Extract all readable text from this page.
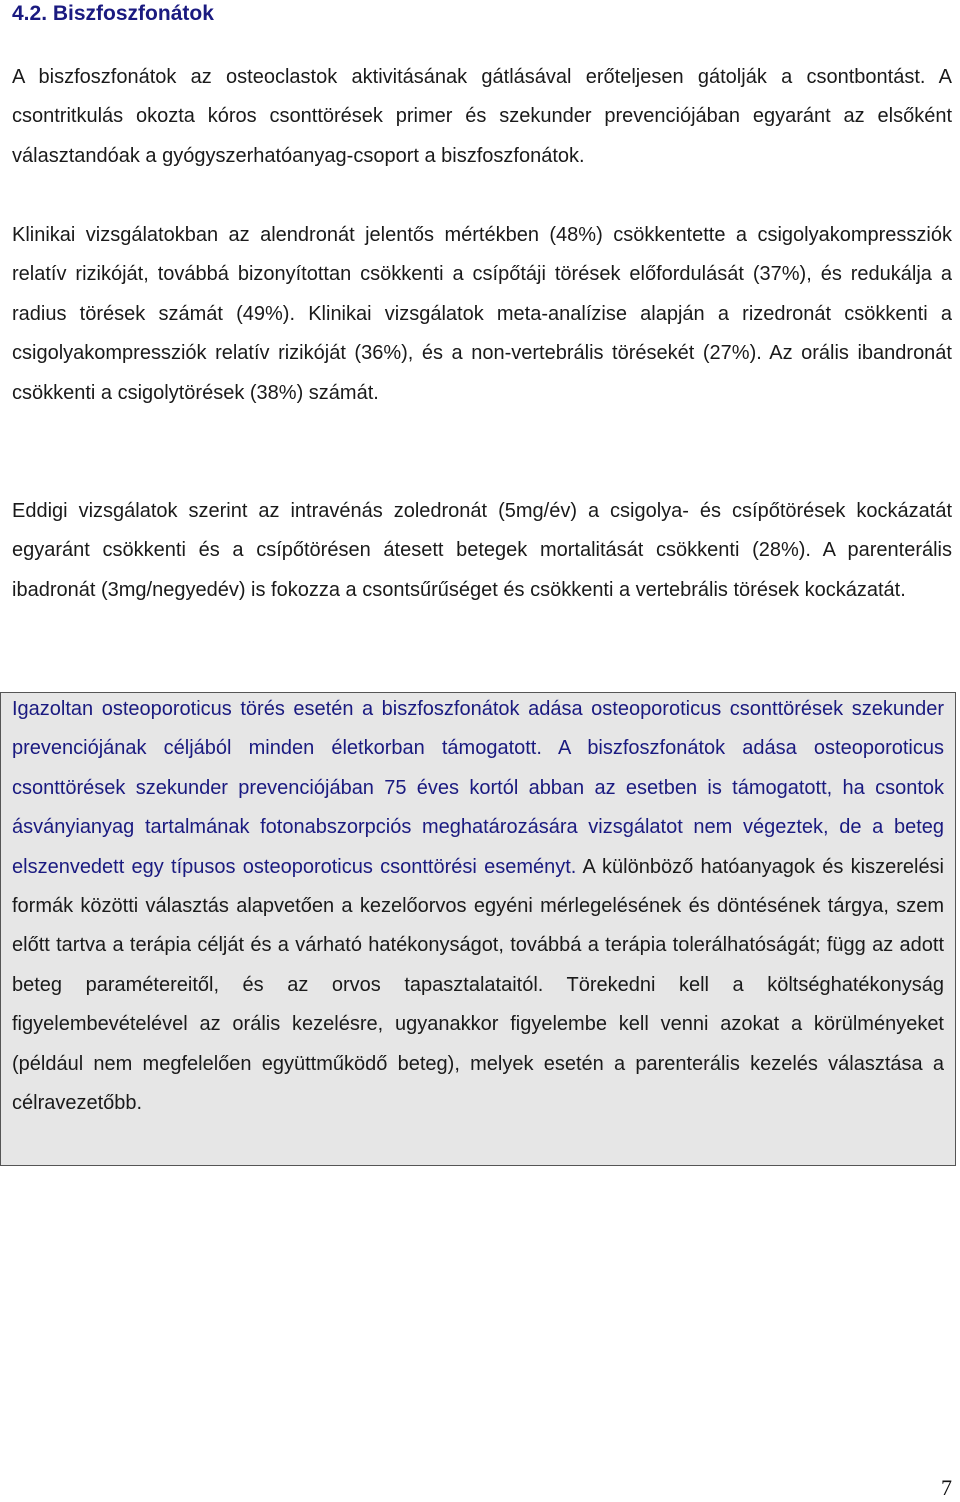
4.2. Biszfoszfonátok

A biszfoszfonátok az osteoclastok aktivitásának gátlásával erőteljesen gátolják a csontbontást. A csontritkulás okozta kóros csonttörések primer és szekunder prevenciójában egyaránt az elsőként választandóak a gyógyszerhatóanyag-csoport a biszfoszfonátok.

Klinikai vizsgálatokban az alendronát jelentős mértékben (48%) csökkentette a csigolyakompressziók relatív rizikóját, továbbá bizonyítottan csökkenti a csípőtáji törések előfordulását (37%), és redukálja a radius törések számát (49%). Klinikai vizsgálatok meta-analízise alapján a rizedronát csökkenti a csigolyakompressziók relatív rizikóját (36%), és a non-vertebrális törésekét (27%). Az orális ibandronát csökkenti a csigolytörések (38%) számát.

Eddigi vizsgálatok szerint az intravénás zoledronát (5mg/év) a csigolya- és csípőtörések kockázatát egyaránt csökkenti és a csípőtörésen átesett betegek mortalitását csökkenti (28%). A parenterális ibadronát (3mg/negyedév) is fokozza a csontsűrűséget és csökkenti a vertebrális törések kockázatát.

Igazoltan osteoporoticus törés esetén a biszfoszfonátok adása osteoporoticus csonttörések szekunder prevenciójának céljából minden életkorban támogatott. A biszfoszfonátok adása osteoporoticus csonttörések szekunder prevenciójában 75 éves kortól abban az esetben is támogatott, ha csontok ásványianyag tartalmának fotonabszorpciós meghatározására vizsgálatot nem végeztek, de a beteg elszenvedett egy típusos osteoporoticus csonttörési eseményt. A különböző hatóanyagok és kiszerelési formák közötti választás alapvetően a kezelőorvos egyéni mérlegelésének és döntésének tárgya, szem előtt tartva a terápia célját és a várható hatékonyságot, továbbá a terápia tolerálhatóságát; függ az adott beteg paramétereitől, és az orvos tapasztalataitól. Törekedni kell a költséghatékonyság figyelembevételével az orális kezelésre, ugyanakkor figyelembe kell venni azokat a körülményeket (például nem megfelelően együttműködő beteg), melyek esetén a parenterális kezelés választása a célravezetőbb.

7
